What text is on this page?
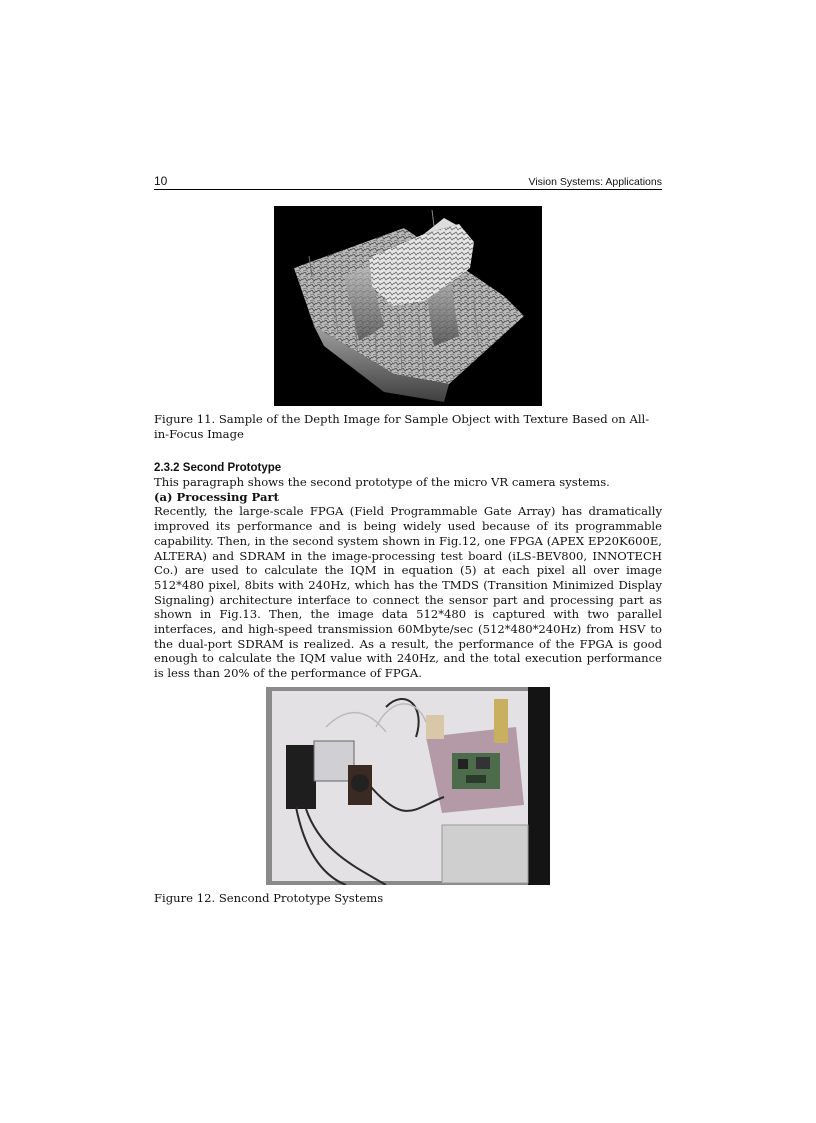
10	Vision Systems: Applications
Figure 11. Sample of the Depth Image for Sample Object with Texture Based on All-in-Focus Image
2.3.2 Second Prototype

This paragraph shows the second prototype of the micro VR camera systems.

(a) Processing Part

Recently, the large-scale FPGA (Field Programmable Gate Array) has dramatically improved its performance and is being widely used because of its programmable capability. Then, in the second system shown in Fig.12, one FPGA (APEX EP20K600E, ALTERA) and SDRAM in the image-processing test board (iLS-BEV800, INNOTECH Co.) are used to calculate the IQM in equation (5) at each pixel all over image 512*480 pixel, 8bits with 240Hz, which has the TMDS (Transition Minimized Display Signaling) architecture interface to connect the sensor part and processing part as shown in Fig.13. Then, the image data 512*480 is captured with two parallel interfaces, and high-speed transmission 60Mbyte/sec (512*480*240Hz) from HSV to the dual-port SDRAM is realized. As a result, the performance of the FPGA is good enough to calculate the IQM value with 240Hz, and the total execution performance is less than 20% of the performance of FPGA.

Figure 12. Sencond Prototype Systems
